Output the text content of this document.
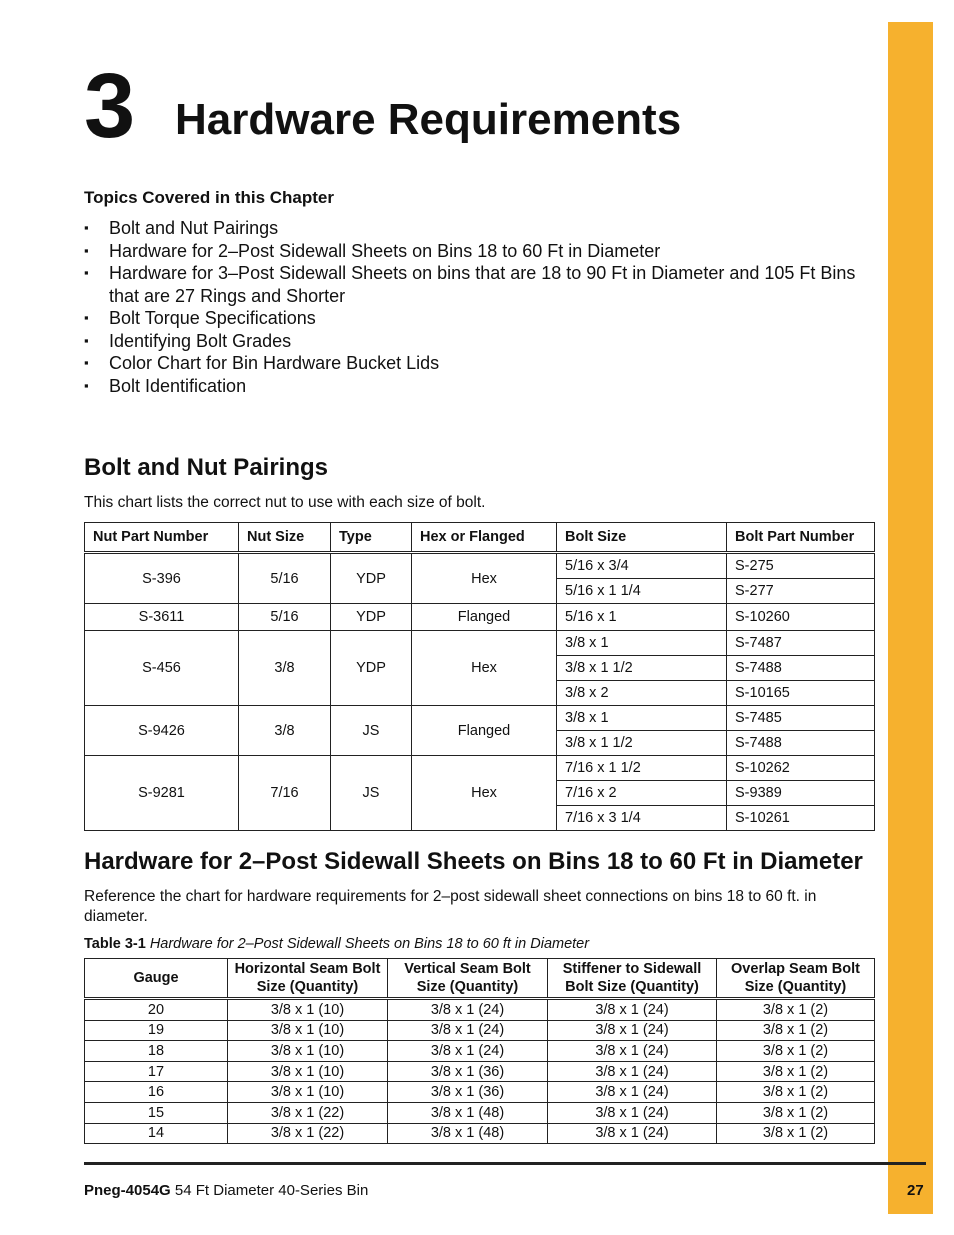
3 Hardware Requirements
Topics Covered in this Chapter
▪ Bolt and Nut Pairings
▪ Hardware for 2–Post Sidewall Sheets on Bins 18 to 60 Ft in Diameter
▪ Hardware for 3–Post Sidewall Sheets on bins that are 18 to 90 Ft in Diameter and 105 Ft Bins that are 27 Rings and Shorter
▪ Bolt Torque Specifications
▪ Identifying Bolt Grades
▪ Color Chart for Bin Hardware Bucket Lids
▪ Bolt Identification
Bolt and Nut Pairings
This chart lists the correct nut to use with each size of bolt.
Nut Part Number	Nut Size	Type	Hex or Flanged	Bolt Size	Bolt Part Number
S-396	5/16	YDP	Hex	5/16 x 3/4	S-275
				5/16 x 1 1/4	S-277
S-3611	5/16	YDP	Flanged	5/16 x 1	S-10260
S-456	3/8	YDP	Hex	3/8 x 1	S-7487
				3/8 x 1 1/2	S-7488
				3/8 x 2	S-10165
S-9426	3/8	JS	Flanged	3/8 x 1	S-7485
				3/8 x 1 1/2	S-7488
S-9281	7/16	JS	Hex	7/16 x 1 1/2	S-10262
				7/16 x 2	S-9389
				7/16 x 3 1/4	S-10261
Hardware for 2–Post Sidewall Sheets on Bins 18 to 60 Ft in Diameter
Reference the chart for hardware requirements for 2–post sidewall sheet connections on bins 18 to 60 ft. in diameter.
Table 3-1 Hardware for 2–Post Sidewall Sheets on Bins 18 to 60 ft in Diameter
Gauge	Horizontal Seam Bolt Size (Quantity)	Vertical Seam Bolt Size (Quantity)	Stiffener to Sidewall Bolt Size (Quantity)	Overlap Seam Bolt Size (Quantity)
20	3/8 x 1 (10)	3/8 x 1 (24)	3/8 x 1 (24)	3/8 x 1 (2)
19	3/8 x 1 (10)	3/8 x 1 (24)	3/8 x 1 (24)	3/8 x 1 (2)
18	3/8 x 1 (10)	3/8 x 1 (24)	3/8 x 1 (24)	3/8 x 1 (2)
17	3/8 x 1 (10)	3/8 x 1 (36)	3/8 x 1 (24)	3/8 x 1 (2)
16	3/8 x 1 (10)	3/8 x 1 (36)	3/8 x 1 (24)	3/8 x 1 (2)
15	3/8 x 1 (22)	3/8 x 1 (48)	3/8 x 1 (24)	3/8 x 1 (2)
14	3/8 x 1 (22)	3/8 x 1 (48)	3/8 x 1 (24)	3/8 x 1 (2)
Pneg-4054G 54 Ft Diameter 40-Series Bin	27
